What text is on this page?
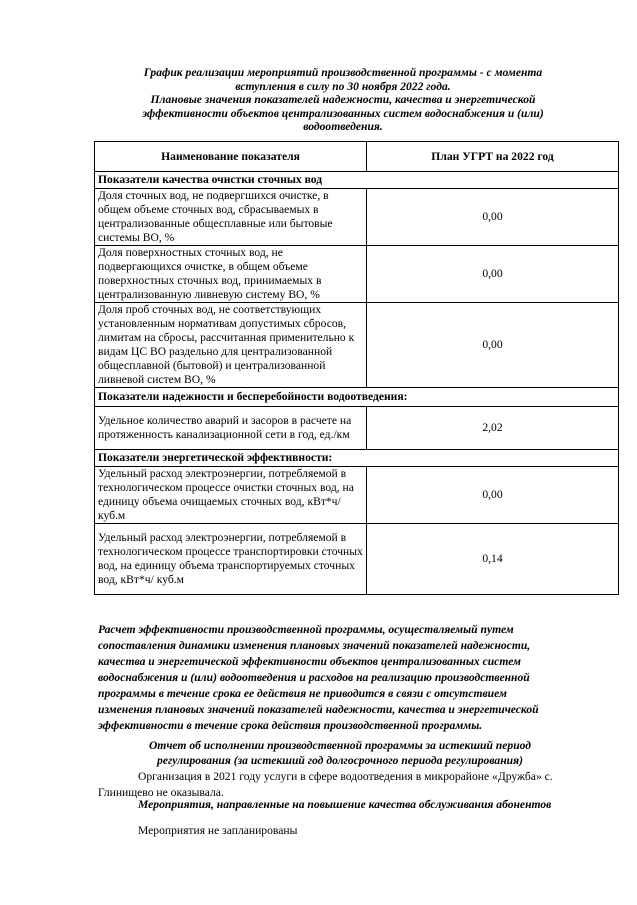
График реализации мероприятий производственной программы - с момента
вступления в силу по 30 ноября 2022 года.
Плановые значения показателей надежности, качества и энергетической
эффективности объектов централизованных систем водоснабжения и (или)
водоотведения.
Наименование показателя	План УГРТ на 2022 год
Показатели качества очистки сточных вод	
Доля сточных вод, не подвергшихся очистке, в общем объеме сточных вод, сбрасываемых в централизованные общесплавные или бытовые системы ВО, %	0,00
Доля поверхностных сточных вод, не подвергающихся очистке, в общем объеме поверхностных сточных вод, принимаемых в централизованную ливневую систему ВО, %	0,00
Доля проб сточных вод, не соответствующих установленным нормативам допустимых сбросов, лимитам на сбросы, рассчитанная применительно к видам ЦС ВО раздельно для централизованной общесплавной (бытовой) и централизованной ливневой систем ВО, %	0,00
Показатели надежности и бесперебойности водоотведения:	
Удельное количество аварий и засоров в расчете на протяженность канализационной сети в год, ед./км	2,02
Показатели энергетической эффективности:	
Удельный расход электроэнергии, потребляемой в технологическом процессе очистки сточных вод, на единицу объема очищаемых сточных вод, кВт*ч/ куб.м	0,00
Удельный расход электроэнергии, потребляемой в технологическом процессе транспортировки сточных вод, на единицу объема транспортируемых сточных вод, кВт*ч/ куб.м	0,14
Расчет эффективности производственной программы, осуществляемый путем
сопоставления динамики изменения плановых значений показателей надежности,
качества и энергетической эффективности объектов централизованных систем
водоснабжения и (или) водоотведения и расходов на реализацию производственной
программы в течение срока ее действия не приводится в связи с отсутствием
изменения плановых значений показателей надежности, качества и энергетической
эффективности в течение срока действия производственной программы.
Отчет об исполнении производственной программы за истекший период
регулирования (за истекший год долгосрочного периода регулирования)
Организация в 2021 году услуги в сфере водоотведения в микрорайоне «Дружба» с.
Глинищево не оказывала.
Мероприятия, направленные на повышение качества обслуживания абонентов
Мероприятия не запланированы
